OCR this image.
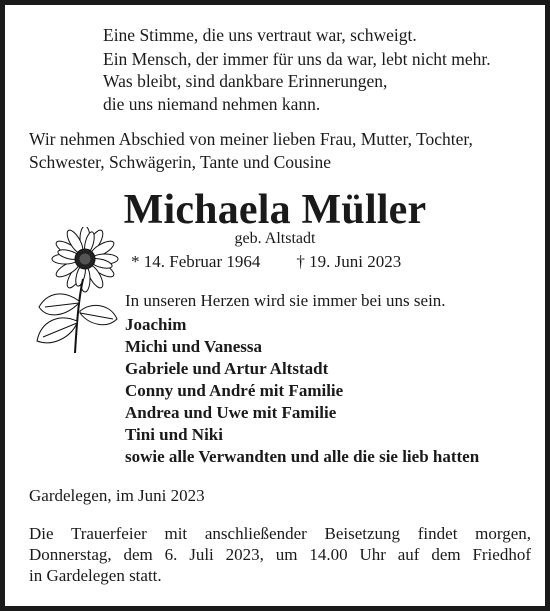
Eine Stimme, die uns vertraut war, schweigt.
Ein Mensch, der immer für uns da war, lebt nicht mehr.
Was bleibt, sind dankbare Erinnerungen,
die uns niemand nehmen kann.
Wir nehmen Abschied von meiner lieben Frau, Mutter, Tochter,
Schwester, Schwägerin, Tante und Cousine
Michaela Müller
geb. Altstadt
* 14. Februar 1964 † 19. Juni 2023
In unseren Herzen wird sie immer bei uns sein.
Joachim
Michi und Vanessa
Gabriele und Artur Altstadt
Conny und André mit Familie
Andrea und Uwe mit Familie
Tini und Niki
sowie alle Verwandten und alle die sie lieb hatten
Gardelegen, im Juni 2023
Die Trauerfeier mit anschließender Beisetzung findet morgen,
Donnerstag, dem 6. Juli 2023, um 14.00 Uhr auf dem Friedhof
in Gardelegen statt.
